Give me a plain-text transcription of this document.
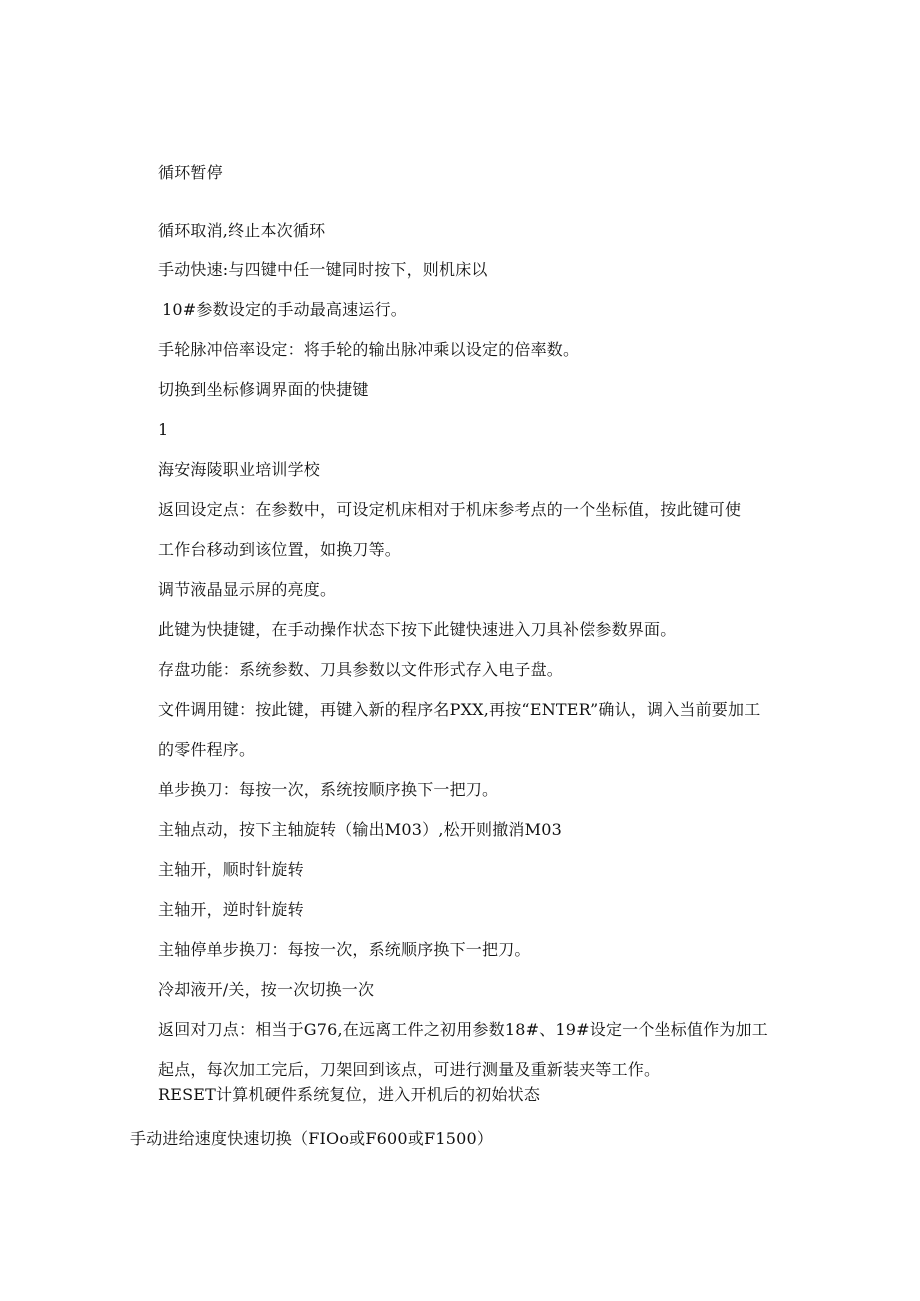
循环暂停
循环取消,终止本次循环
手动快速:与四键中任一键同时按下，则机床以
10#参数设定的手动最高速运行。
手轮脉冲倍率设定：将手轮的输出脉冲乘以设定的倍率数。
切换到坐标修调界面的快捷键
1
海安海陵职业培训学校
返回设定点：在参数中，可设定机床相对于机床参考点的一个坐标值，按此键可使
工作台移动到该位置，如换刀等。
调节液晶显示屏的亮度。
此键为快捷键，在手动操作状态下按下此键快速进入刀具补偿参数界面。
存盘功能：系统参数、刀具参数以文件形式存入电子盘。
文件调用键：按此键，再键入新的程序名PXX,再按“ENTER”确认，调入当前要加工
的零件程序。
单步换刀：每按一次，系统按顺序换下一把刀。
主轴点动，按下主轴旋转（输出M03）,松开则撤消M03
主轴开，顺时针旋转
主轴开，逆时针旋转
主轴停单步换刀：每按一次，系统顺序换下一把刀。
冷却液开/关，按一次切换一次
返回对刀点：相当于G76,在远离工件之初用参数18#、19#设定一个坐标值作为加工
起点，每次加工完后，刀架回到该点，可进行测量及重新装夹等工作。
RESET计算机硬件系统复位，进入开机后的初始状态
手动进给速度快速切换（FIOo或F600或F1500）
